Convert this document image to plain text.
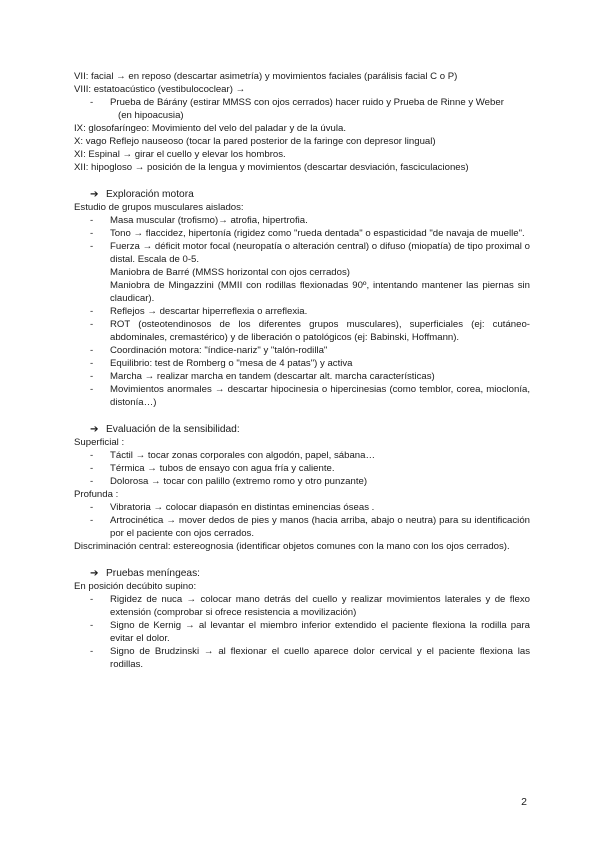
VII: facial → en reposo (descartar asimetría) y movimientos faciales (parálisis facial C o P)

VIII: estatoacústico (vestibulococlear) →

- Prueba de Bárány (estirar MMSS con ojos cerrados) hacer ruido y Prueba de Rinne y Weber

(en hipoacusia)

IX: glosofaríngeo: Movimiento del velo del paladar y de la úvula.

X: vago Reflejo nauseoso (tocar la pared posterior de la faringe con depresor lingual)

XI: Espinal → girar el cuello y elevar los hombros.

XII: hipogloso → posición de la lengua y movimientos (descartar desviación, fasciculaciones)

➔ Exploración motora

Estudio de grupos musculares aislados:

- Masa muscular (trofismo)→ atrofia, hipertrofia.

- Tono → flaccidez, hipertonía (rigidez como "rueda dentada" o espasticidad "de navaja de muelle".

- Fuerza → déficit motor focal (neuropatía o alteración central) o difuso (miopatía) de tipo proximal o distal. Escala de 0-5.

Maniobra de Barré (MMSS horizontal con ojos cerrados)

Maniobra de Mingazzini (MMII con rodillas flexionadas 90º, intentando mantener las piernas sin claudicar).

- Reflejos → descartar hiperreflexia o arreflexia.

- ROT (osteotendinosos de los diferentes grupos musculares), superficiales (ej: cutáneo-abdominales, cremastérico) y de liberación o patológicos (ej: Babinski, Hoffmann).

- Coordinación motora: "índice-nariz" y "talón-rodilla"

- Equilibrio: test de Romberg o "mesa de 4 patas") y activa

- Marcha → realizar marcha en tandem (descartar alt. marcha características)

- Movimientos anormales → descartar hipocinesia o hipercinesias (como temblor, corea, mioclonía, distonía…)

➔ Evaluación de la sensibilidad:

Superficial :

- Táctil → tocar zonas corporales con algodón, papel, sábana…

- Térmica → tubos de ensayo con agua fría y caliente.

- Dolorosa → tocar con palillo (extremo romo y otro punzante)

Profunda :

- Vibratoria → colocar diapasón en distintas eminencias óseas .

- Artrocinética → mover dedos de pies y manos (hacia arriba, abajo o neutra) para su identificación por el paciente con ojos cerrados.

Discriminación central: estereognosia (identificar objetos comunes con la mano con los ojos cerrados).

➔ Pruebas meníngeas:

En posición decúbito supino:

- Rigidez de nuca → colocar mano detrás del cuello y realizar movimientos laterales y de flexo extensión (comprobar si ofrece resistencia a movilización)

- Signo de Kernig → al levantar el miembro inferior extendido el paciente flexiona la rodilla para evitar el dolor.

- Signo de Brudzinski → al flexionar el cuello aparece dolor cervical y el paciente flexiona las rodillas.

2
